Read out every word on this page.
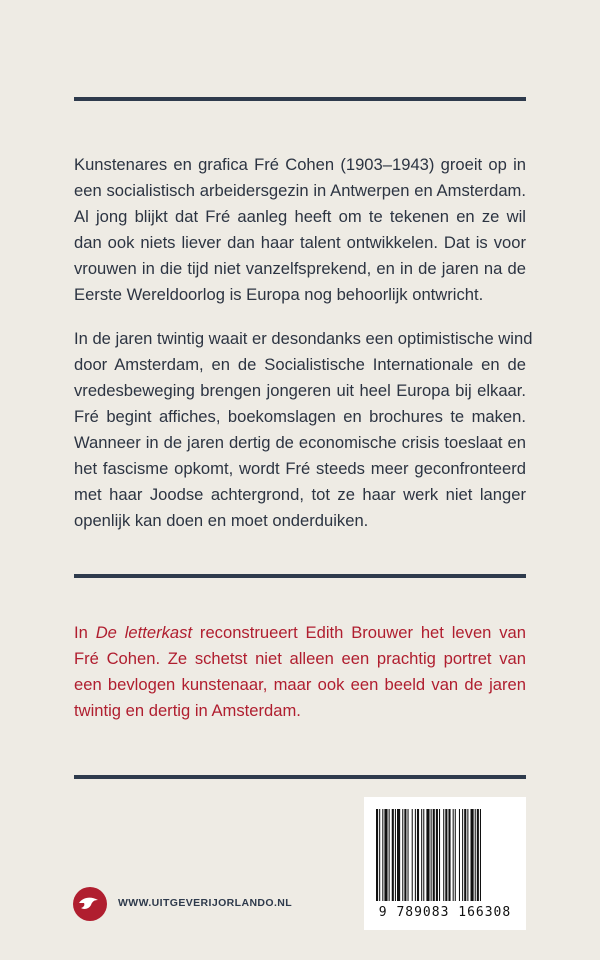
Kunstenares en grafica Fré Cohen (1903–1943) groeit op in
een socialistisch arbeidersgezin in Antwerpen en Amsterdam.
Al jong blijkt dat Fré aanleg heeft om te tekenen en ze wil
dan ook niets liever dan haar talent ontwikkelen. Dat is voor
vrouwen in die tijd niet vanzelfsprekend, en in de jaren na de
Eerste Wereldoorlog is Europa nog behoorlijk ontwricht.

In de jaren twintig waait er desondanks een optimistische wind
door Amsterdam, en de Socialistische Internationale en de
vredesbeweging brengen jongeren uit heel Europa bij elkaar.
Fré begint affiches, boekomslagen en brochures te maken.
Wanneer in de jaren dertig de economische crisis toeslaat en
het fascisme opkomt, wordt Fré steeds meer geconfronteerd
met haar Joodse achtergrond, tot ze haar werk niet langer
openlijk kan doen en moet onderduiken.

In De letterkast reconstrueert Edith Brouwer het leven van
Fré Cohen. Ze schetst niet alleen een prachtig portret van
een bevlogen kunstenaar, maar ook een beeld van de jaren
twintig en dertig in Amsterdam.

WWW.UITGEVERIJORLANDO.NL
9 789083 166308
